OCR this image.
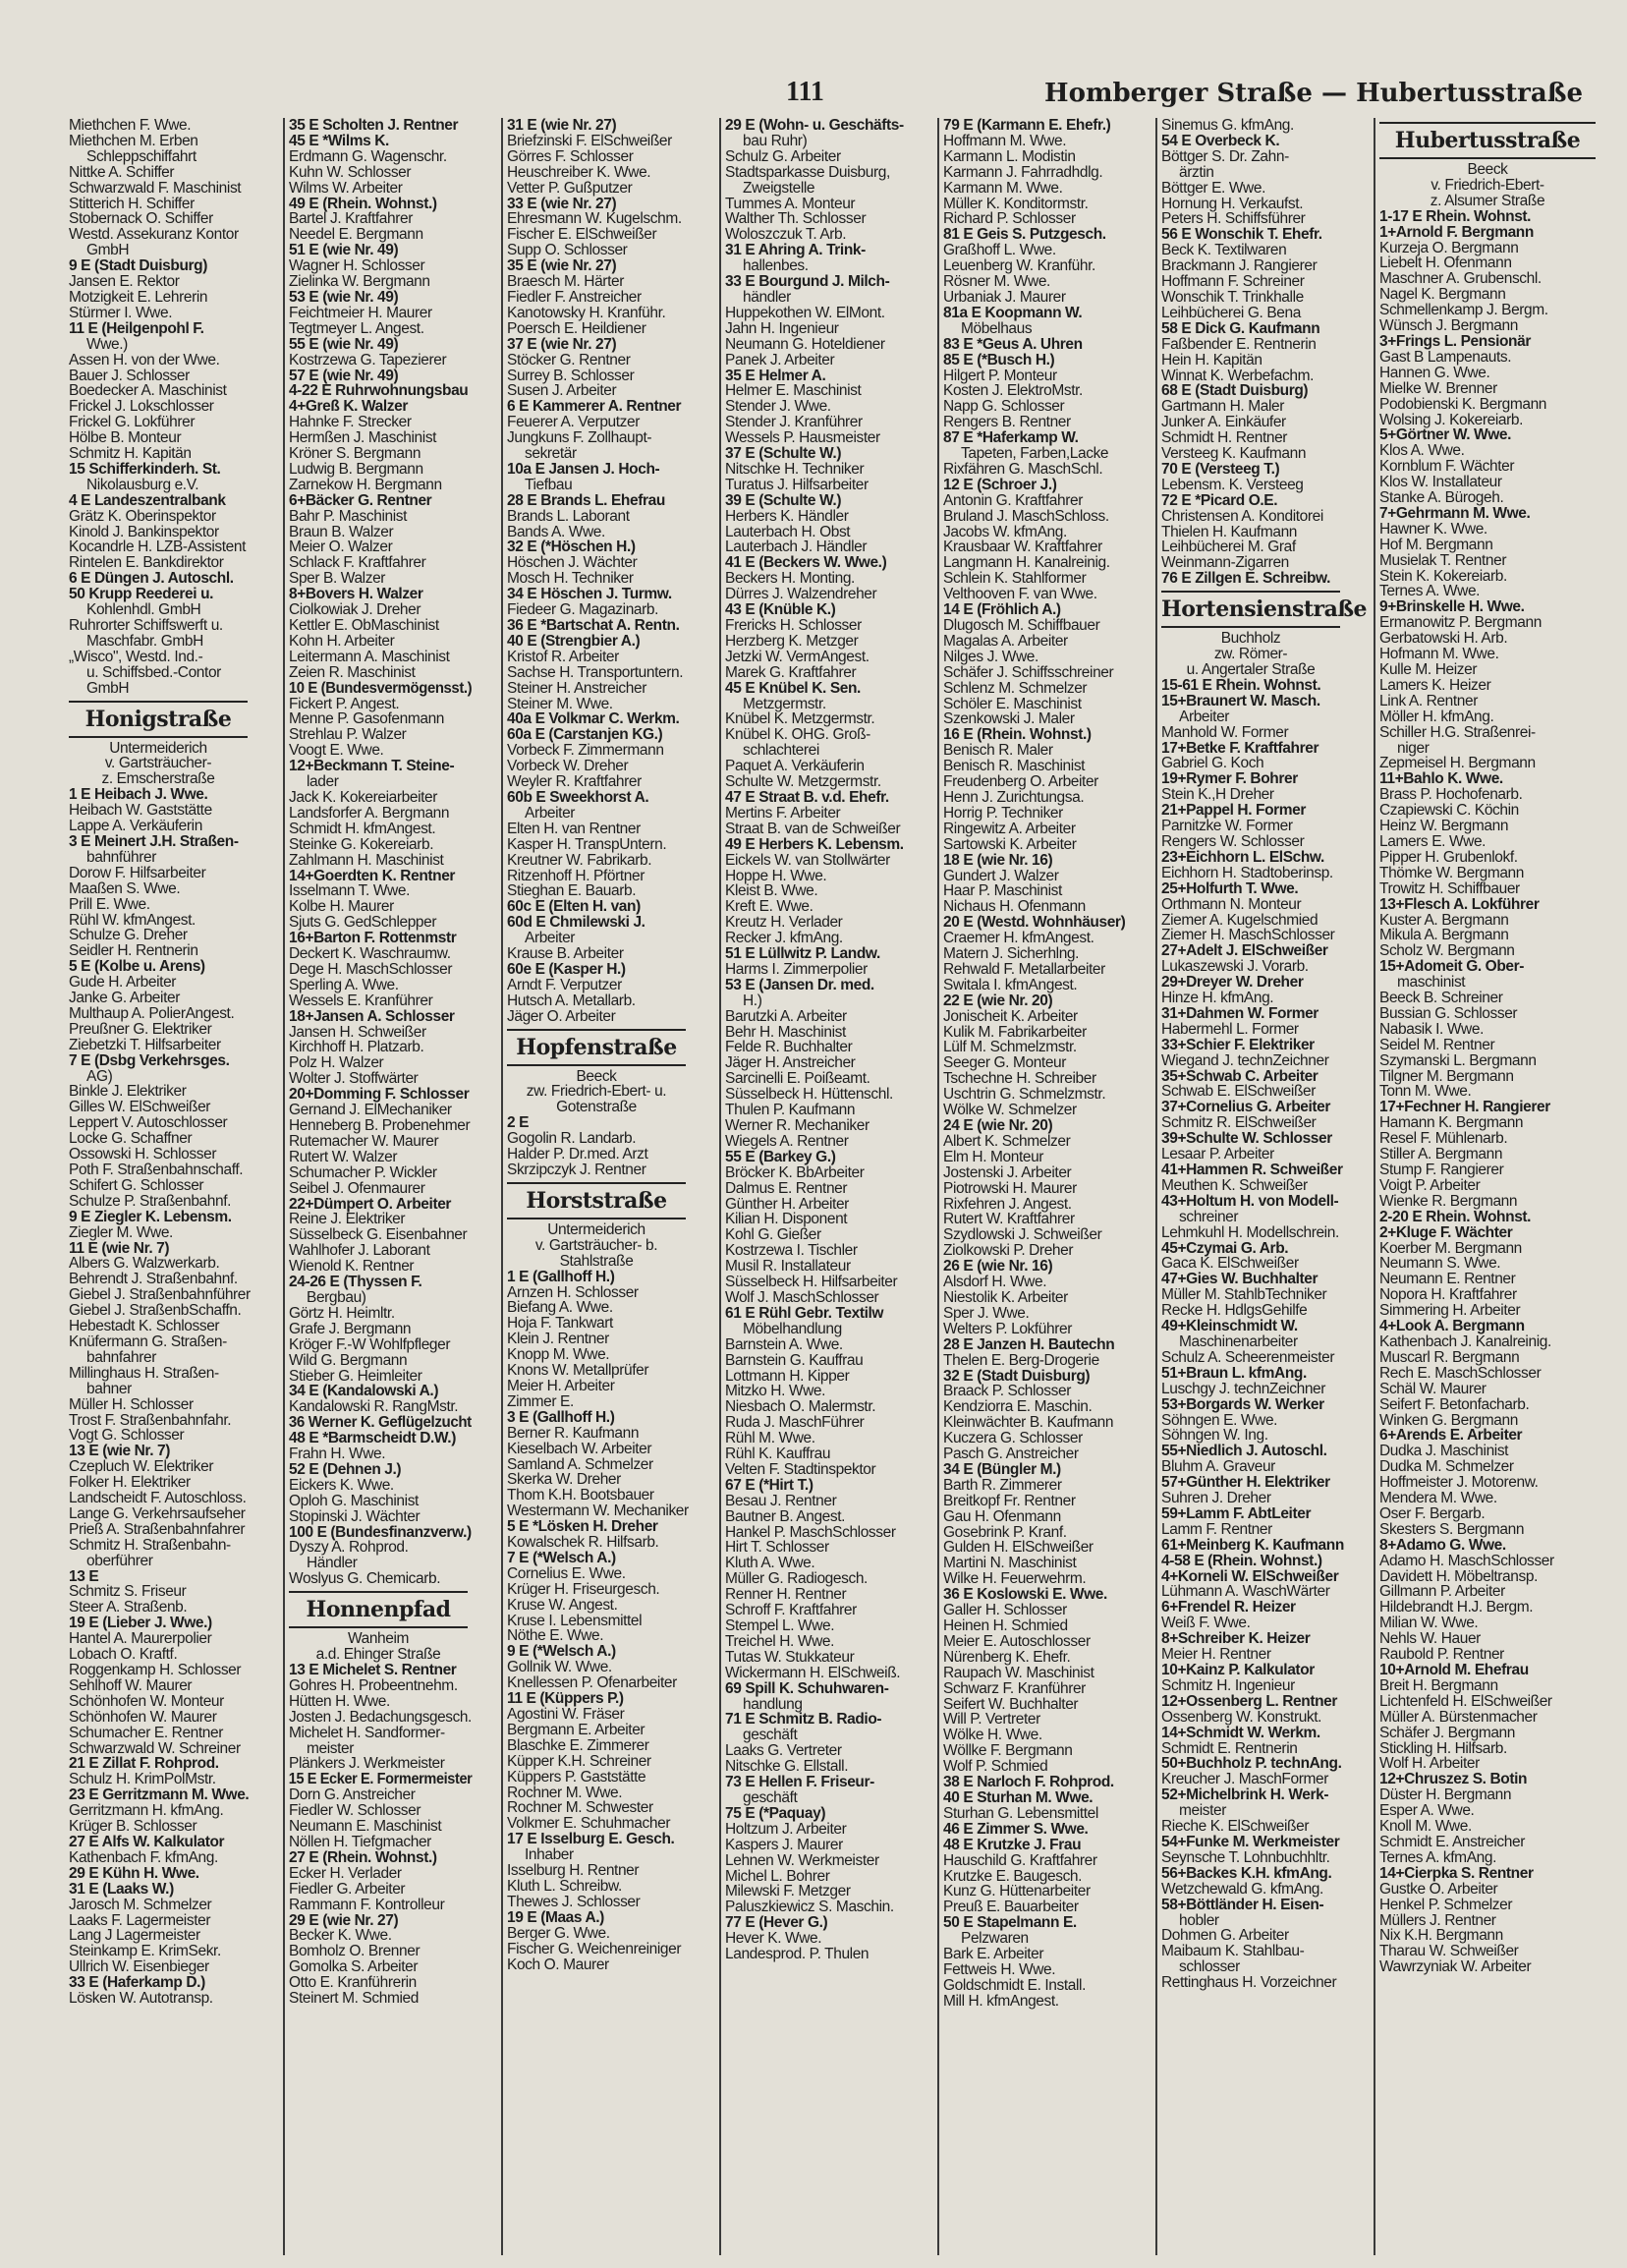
111	Homberger Straße — Hubertusstraße
Miethchen F. Wwe.
Miethchen M. Erben
Schleppschiffahrt
Nittke A. Schiffer
Schwarzwald F. Maschinist
Stitterich H. Schiffer
Stobernack O. Schiffer
Westd. Assekuranz Kontor
GmbH
9 E (Stadt Duisburg)
Jansen E. Rektor
Motzigkeit E. Lehrerin
Stürmer I. Wwe.
11 E (Heilgenpohl F.
Wwe.)
Assen H. von der Wwe.
Bauer J. Schlosser
Boedecker A. Maschinist
Frickel J. Lokschlosser
Frickel G. Lokführer
Hölbe B. Monteur
Schmitz H. Kapitän
15 Schifferkinderh. St.
Nikolausburg e.V.
4 E Landeszentralbank
Grätz K. Oberinspektor
Kinold J. Bankinspektor
Kocandrle H. LZB-Assistent
Rintelen E. Bankdirektor
6 E Düngen J. Autoschl.
50 Krupp Reederei u.
Kohlenhdl. GmbH
Ruhrorter Schiffswerft u.
Maschfabr. GmbH
„Wisco", Westd. Ind.-
u. Schiffsbed.-Contor
GmbH
Honigstraße
Untermeiderich
v. Gartsträucher-
z. Emscherstraße
1 E Heibach J. Wwe.
Heibach W. Gaststätte
Lappe A. Verkäuferin
3 E Meinert J.H. Straßen-
bahnführer
Dorow F. Hilfsarbeiter
Maaßen S. Wwe.
Prill E. Wwe.
Rühl W. kfmAngest.
Schulze G. Dreher
Seidler H. Rentnerin
5 E (Kolbe u. Arens)
Gude H. Arbeiter
Janke G. Arbeiter
Multhaup A. PolierAngest.
Preußner G. Elektriker
Ziebetzki T. Hilfsarbeiter
7 E (Dsbg Verkehrsges.
AG)
Binkle J. Elektriker
Gilles W. ElSchweißer
Leppert V. Autoschlosser
Locke G. Schaffner
Ossowski H. Schlosser
Poth F. Straßenbahnschaff.
Schifert G. Schlosser
Schulze P. Straßenbahnf.
9 E Ziegler K. Lebensm.
Ziegler M. Wwe.
11 E (wie Nr. 7)
Albers G. Walzwerkarb.
Behrendt J. Straßenbahnf.
Giebel J. Straßenbahnführer
Giebel J. StraßenbSchaffn.
Hebestadt K. Schlosser
Knüfermann G. Straßen-
bahnfahrer
Millinghaus H. Straßen-
bahner
Müller H. Schlosser
Trost F. Straßenbahnfahr.
Vogt G. Schlosser
13 E (wie Nr. 7)
Czepluch W. Elektriker
Folker H. Elektriker
Landscheidt F. Autoschloss.
Lange G. Verkehrsaufseher
Prieß A. Straßenbahnfahrer
Schmitz H. Straßenbahn-
oberführer
13 E
Schmitz S. Friseur
Steer A. Straßenb.
19 E (Lieber J. Wwe.)
Hantel A. Maurerpolier
Lobach O. Kraftf.
Roggenkamp H. Schlosser
Sehlhoff W. Maurer
Schönhofen W. Monteur
Schönhofen W. Maurer
Schumacher E. Rentner
Schwarzwald W. Schreiner
21 E Zillat F. Rohprod.
Schulz H. KrimPolMstr.
23 E Gerritzmann M. Wwe.
Gerritzmann H. kfmAng.
Krüger B. Schlosser
27 E Alfs W. Kalkulator
Kathenbach F. kfmAng.
29 E Kühn H. Wwe.
31 E (Laaks W.)
Jarosch M. Schmelzer
Laaks F. Lagermeister
Lang J Lagermeister
Steinkamp E. KrimSekr.
Ullrich W. Eisenbieger
33 E (Haferkamp D.)
Lösken W. Autotransp.
35 E Scholten J. Rentner
45 E *Wilms K.
Erdmann G. Wagenschr.
Kuhn W. Schlosser
Wilms W. Arbeiter
49 E (Rhein. Wohnst.)
Bartel J. Kraftfahrer
Needel E. Bergmann
51 E (wie Nr. 49)
Wagner H. Schlosser
Zielinka W. Bergmann
53 E (wie Nr. 49)
Feichtmeier H. Maurer
Tegtmeyer L. Angest.
55 E (wie Nr. 49)
Kostrzewa G. Tapezierer
57 E (wie Nr. 49)
4-22 E Ruhrwohnungsbau
4+Greß K. Walzer
Hahnke F. Strecker
Hermßen J. Maschinist
Kröner S. Bergmann
Ludwig B. Bergmann
Zarnekow H. Bergmann
6+Bäcker G. Rentner
Bahr P. Maschinist
Braun B. Walzer
Meier O. Walzer
Schlack F. Kraftfahrer
Sper B. Walzer
8+Bovers H. Walzer
Ciolkowiak J. Dreher
Kettler E. ObMaschinist
Kohn H. Arbeiter
Leitermann A. Maschinist
Zeien R. Maschinist
10 E (Bundesvermögensst.)
Fickert P. Angest.
Menne P. Gasofenmann
Strehlau P. Walzer
Voogt E. Wwe.
12+Beckmann T. Steine-
lader
Jack K. Kokereiarbeiter
Landsforfer A. Bergmann
Schmidt H. kfmAngest.
Steinke G. Kokereiarb.
Zahlmann H. Maschinist
14+Goerdten K. Rentner
Isselmann T. Wwe.
Kolbe H. Maurer
Sjuts G. GedSchlepper
16+Barton F. Rottenmstr
Deckert K. Waschraumw.
Dege H. MaschSchlosser
Sperling A. Wwe.
Wessels E. Kranführer
18+Jansen A. Schlosser
Jansen H. Schweißer
Kirchhoff H. Platzarb.
Polz H. Walzer
Wolter J. Stoffwärter
20+Domming F. Schlosser
Gernand J. ElMechaniker
Henneberg B. Probenehmer
Rutemacher W. Maurer
Rutert W. Walzer
Schumacher P. Wickler
Seibel J. Ofenmaurer
22+Dümpert O. Arbeiter
Reine J. Elektriker
Süsselbeck G. Eisenbahner
Wahlhofer J. Laborant
Wienold K. Rentner
24-26 E (Thyssen F.
Bergbau)
Görtz H. Heimltr.
Grafe J. Bergmann
Kröger F.-W Wohlfpfleger
Wild G. Bergmann
Stieber G. Heimleiter
34 E (Kandalowski A.)
Kandalowski R. RangMstr.
36 Werner K. Geflügelzucht
48 E *Barmscheidt D.W.)
Frahn H. Wwe.
52 E (Dehnen J.)
Eickers K. Wwe.
Oploh G. Maschinist
Stopinski J. Wächter
100 E (Bundesfinanzverw.)
Dyszy A. Rohprod.
Händler
Woslyus G. Chemicarb.
Honnenpfad
Wanheim
a.d. Ehinger Straße
13 E Michelet S. Rentner
Gohres H. Probeentnehm.
Hütten H. Wwe.
Josten J. Bedachungsgesch.
Michelet H. Sandformer-
meister
Plänkers J. Werkmeister
15 E Ecker E. Formermeister
Dorn G. Anstreicher
Fiedler W. Schlosser
Neumann E. Maschinist
Nöllen H. Tiefgmacher
27 E (Rhein. Wohnst.)
Ecker H. Verlader
Fiedler G. Arbeiter
Rammann F. Kontrolleur
29 E (wie Nr. 27)
Becker K. Wwe.
Bomholz O. Brenner
Gomolka S. Arbeiter
Otto E. Kranführerin
Steinert M. Schmied
31 E (wie Nr. 27)
Briefzinski F. ElSchweißer
Görres F. Schlosser
Heuschreiber K. Wwe.
Vetter P. Gußputzer
33 E (wie Nr. 27)
Ehresmann W. Kugelschm.
Fischer E. ElSchweißer
Supp O. Schlosser
35 E (wie Nr. 27)
Braesch M. Härter
Fiedler F. Anstreicher
Kanotowsky H. Kranführ.
Poersch E. Heildiener
37 E (wie Nr. 27)
Stöcker G. Rentner
Surrey B. Schlosser
Susen J. Arbeiter
6 E Kammerer A. Rentner
Feuerer A. Verputzer
Jungkuns F. Zollhaupt-
sekretär
10a E Jansen J. Hoch-
Tiefbau
28 E Brands L. Ehefrau
Brands L. Laborant
Bands A. Wwe.
32 E (*Höschen H.)
Höschen J. Wächter
Mosch H. Techniker
34 E Höschen J. Turmw.
Fiedeer G. Magazinarb.
36 E *Bartschat A. Rentn.
40 E (Strengbier A.)
Kristof R. Arbeiter
Sachse H. Transportuntern.
Steiner H. Anstreicher
Steiner M. Wwe.
40a E Volkmar C. Werkm.
60a E (Carstanjen KG.)
Vorbeck F. Zimmermann
Vorbeck W. Dreher
Weyler R. Kraftfahrer
60b E Sweekhorst A.
Arbeiter
Elten H. van Rentner
Kasper H. TranspUntern.
Kreutner W. Fabrikarb.
Ritzenhoff H. Pförtner
Stieghan E. Bauarb.
60c E (Elten H. van)
60d E Chmilewski J.
Arbeiter
Krause B. Arbeiter
60e E (Kasper H.)
Arndt F. Verputzer
Hutsch A. Metallarb.
Jäger O. Arbeiter
Hopfenstraße
Beeck
zw. Friedrich-Ebert- u.
Gotenstraße
2 E
Gogolin R. Landarb.
Halder P. Dr.med. Arzt
Skrzipczyk J. Rentner
Horststraße
Untermeiderich
v. Gartsträucher- b.
Stahlstraße
1 E (Gallhoff H.)
Arnzen H. Schlosser
Biefang A. Wwe.
Hoja F. Tankwart
Klein J. Rentner
Knopp M. Wwe.
Knons W. Metallprüfer
Meier H. Arbeiter
Zimmer E.
3 E (Gallhoff H.)
Berner R. Kaufmann
Kieselbach W. Arbeiter
Samland A. Schmelzer
Skerka W. Dreher
Thom K.H. Bootsbauer
Westermann W. Mechaniker
5 E *Lösken H. Dreher
Kowalschek R. Hilfsarb.
7 E (*Welsch A.)
Cornelius E. Wwe.
Krüger H. Friseurgesch.
Kruse W. Angest.
Kruse I. Lebensmittel
Nöthe E. Wwe.
9 E (*Welsch A.)
Gollnik W. Wwe.
Knellessen P. Ofenarbeiter
11 E (Küppers P.)
Agostini W. Fräser
Bergmann E. Arbeiter
Blaschke E. Zimmerer
Küpper K.H. Schreiner
Küppers P. Gaststätte
Rochner M. Wwe.
Rochner M. Schwester
Volkmer E. Schuhmacher
17 E Isselburg E. Gesch.
Inhaber
Isselburg H. Rentner
Kluth L. Schreibw.
Thewes J. Schlosser
19 E (Maas A.)
Berger G. Wwe.
Fischer G. Weichenreiniger
Koch O. Maurer
29 E (Wohn- u. Geschäfts-
bau Ruhr)
Schulz G. Arbeiter
Stadtsparkasse Duisburg,
Zweigstelle
Tummes A. Monteur
Walther Th. Schlosser
Woloszczuk T. Arb.
31 E Ahring A. Trink-
hallenbes.
33 E Bourgund J. Milch-
händler
Huppekothen W. ElMont.
Jahn H. Ingenieur
Neumann G. Hoteldiener
Panek J. Arbeiter
35 E Helmer A.
Helmer E. Maschinist
Stender J. Wwe.
Stender J. Kranführer
Wessels P. Hausmeister
37 E (Schulte W.)
Nitschke H. Techniker
Turatus J. Hilfsarbeiter
39 E (Schulte W.)
Herbers K. Händler
Lauterbach H. Obst
Lauterbach J. Händler
41 E (Beckers W. Wwe.)
Beckers H. Monting.
Dürres J. Walzendreher
43 E (Knüble K.)
Frericks H. Schlosser
Herzberg K. Metzger
Jetzki W. VermAngest.
Marek G. Kraftfahrer
45 E Knübel K. Sen.
Metzgermstr.
Knübel K. Metzgermstr.
Knübel K. OHG. Groß-
schlachterei
Paquet A. Verkäuferin
Schulte W. Metzgermstr.
47 E Straat B. v.d. Ehefr.
Mertins F. Arbeiter
Straat B. van de Schweißer
49 E Herbers K. Lebensm.
Eickels W. van Stollwärter
Hoppe H. Wwe.
Kleist B. Wwe.
Kreft E. Wwe.
Kreutz H. Verlader
Recker J. kfmAng.
51 E Lüllwitz P. Landw.
Harms I. Zimmerpolier
53 E (Jansen Dr. med.
H.)
Barutzki A. Arbeiter
Behr H. Maschinist
Felde R. Buchhalter
Jäger H. Anstreicher
Sarcinelli E. Poißeamt.
Süsselbeck H. Hüttenschl.
Thulen P. Kaufmann
Werner R. Mechaniker
Wiegels A. Rentner
55 E (Barkey G.)
Bröcker K. BbArbeiter
Dalmus E. Rentner
Günther H. Arbeiter
Kilian H. Disponent
Kohl G. Gießer
Kostrzewa I. Tischler
Musil R. Installateur
Süsselbeck H. Hilfsarbeiter
Wolf J. MaschSchlosser
61 E Rühl Gebr. Textilw
Möbelhandlung
Barnstein A. Wwe.
Barnstein G. Kauffrau
Lottmann H. Kipper
Mitzko H. Wwe.
Niesbach O. Malermstr.
Ruda J. MaschFührer
Rühl M. Wwe.
Rühl K. Kauffrau
Velten F. Stadtinspektor
67 E (*Hirt T.)
Besau J. Rentner
Bautner B. Angest.
Hankel P. MaschSchlosser
Hirt T. Schlosser
Kluth A. Wwe.
Müller G. Radiogesch.
Renner H. Rentner
Schroff F. Kraftfahrer
Stempel L. Wwe.
Treichel H. Wwe.
Tutas W. Stukkateur
Wickermann H. ElSchweiß.
69 Spill K. Schuhwaren-
handlung
71 E Schmitz B. Radio-
geschäft
Laaks G. Vertreter
Nitschke G. Ellstall.
73 E Hellen F. Friseur-
geschäft
75 E (*Paquay)
Holtzum J. Arbeiter
Kaspers J. Maurer
Lehnen W. Werkmeister
Michel L. Bohrer
Milewski F. Metzger
Paluszkiewicz S. Maschin.
77 E (Hever G.)
Hever K. Wwe.
Landesprod. P. Thulen
79 E (Karmann E. Ehefr.)
Hoffmann M. Wwe.
Karmann L. Modistin
Karmann J. Fahrradhdlg.
Karmann M. Wwe.
Müller K. Konditormstr.
Richard P. Schlosser
81 E Geis S. Putzgesch.
Graßhoff L. Wwe.
Leuenberg W. Kranführ.
Rösner M. Wwe.
Urbaniak J. Maurer
81a E Koopmann W.
Möbelhaus
83 E *Geus A. Uhren
85 E (*Busch H.)
Hilgert P. Monteur
Kosten J. ElektroMstr.
Napp G. Schlosser
Rengers B. Rentner
87 E *Haferkamp W.
Tapeten, Farben,Lacke
Rixfähren G. MaschSchl.
12 E (Schroer J.)
Antonin G. Kraftfahrer
Bruland J. MaschSchloss.
Jacobs W. kfmAng.
Krausbaar W. Kraftfahrer
Langmann H. Kanalreinig.
Schlein K. Stahlformer
Velthooven F. van Wwe.
14 E (Fröhlich A.)
Dlugosch M. Schiffbauer
Magalas A. Arbeiter
Nilges J. Wwe.
Schäfer J. Schiffsschreiner
Schlenz M. Schmelzer
Schöler E. Maschinist
Szenkowski J. Maler
16 E (Rhein. Wohnst.)
Benisch R. Maler
Benisch R. Maschinist
Freudenberg O. Arbeiter
Henn J. Zurichtungsa.
Horrig P. Techniker
Ringewitz A. Arbeiter
Sartowski K. Arbeiter
18 E (wie Nr. 16)
Gundert J. Walzer
Haar P. Maschinist
Nichaus H. Ofenmann
20 E (Westd. Wohnhäuser)
Craemer H. kfmAngest.
Matern J. Sicherhlng.
Rehwald F. Metallarbeiter
Switala I. kfmAngest.
22 E (wie Nr. 20)
Jonischeit K. Arbeiter
Kulik M. Fabrikarbeiter
Lülf M. Schmelzmstr.
Seeger G. Monteur
Tschechne H. Schreiber
Uschtrin G. Schmelzmstr.
Wölke W. Schmelzer
24 E (wie Nr. 20)
Albert K. Schmelzer
Elm H. Monteur
Jostenski J. Arbeiter
Piotrowski H. Maurer
Rixfehren J. Angest.
Rutert W. Kraftfahrer
Szydlowski J. Schweißer
Ziolkowski P. Dreher
26 E (wie Nr. 16)
Alsdorf H. Wwe.
Niestolik K. Arbeiter
Sper J. Wwe.
Welters P. Lokführer
28 E Janzen H. Bautechn
Thelen E. Berg-Drogerie
32 E (Stadt Duisburg)
Braack P. Schlosser
Kendziorra E. Maschin.
Kleinwächter B. Kaufmann
Kuczera G. Schlosser
Pasch G. Anstreicher
34 E (Büngler M.)
Barth R. Zimmerer
Breitkopf Fr. Rentner
Gau H. Ofenmann
Gosebrink P. Kranf.
Gulden H. ElSchweißer
Martini N. Maschinist
Wilke H. Feuerwehrm.
36 E Koslowski E. Wwe.
Galler H. Schlosser
Heinen H. Schmied
Meier E. Autoschlosser
Nürenberg K. Ehefr.
Raupach W. Maschinist
Schwarz F. Kranführer
Seifert W. Buchhalter
Will P. Vertreter
Wölke H. Wwe.
Wöllke F. Bergmann
Wolf P. Schmied
38 E Narloch F. Rohprod.
40 E Sturhan M. Wwe.
Sturhan G. Lebensmittel
46 E Zimmer S. Wwe.
48 E Krutzke J. Frau
Hauschild G. Kraftfahrer
Krutzke E. Baugesch.
Kunz G. Hüttenarbeiter
Preuß E. Bauarbeiter
50 E Stapelmann E.
Pelzwaren
Bark E. Arbeiter
Fettweis H. Wwe.
Goldschmidt E. Install.
Mill H. kfmAngest.
Sinemus G. kfmAng.
54 E Overbeck K.
Böttger S. Dr. Zahn-
ärztin
Böttger E. Wwe.
Hornung H. Verkaufst.
Peters H. Schiffsführer
56 E Wonschik T. Ehefr.
Beck K. Textilwaren
Brackmann J. Rangierer
Hoffmann F. Schreiner
Wonschik T. Trinkhalle
Leihbücherei G. Bena
58 E Dick G. Kaufmann
Faßbender E. Rentnerin
Hein H. Kapitän
Winnat K. Werbefachm.
68 E (Stadt Duisburg)
Gartmann H. Maler
Junker A. Einkäufer
Schmidt H. Rentner
Versteeg K. Kaufmann
70 E (Versteeg T.)
Lebensm. K. Versteeg
72 E *Picard O.E.
Christensen A. Konditorei
Thielen H. Kaufmann
Leihbücherei M. Graf
Weinmann-Zigarren
76 E Zillgen E. Schreibw.
Hortensienstraße
Buchholz
zw. Römer-
u. Angertaler Straße
15-61 E Rhein. Wohnst.
15+Braunert W. Masch.
Arbeiter
Manhold W. Former
17+Betke F. Kraftfahrer
Gabriel G. Koch
19+Rymer F. Bohrer
Stein K.,H Dreher
21+Pappel H. Former
Parnitzke W. Former
Rengers W. Schlosser
23+Eichhorn L. ElSchw.
Eichhorn H. Stadtoberinsp.
25+Holfurth T. Wwe.
Orthmann N. Monteur
Ziemer A. Kugelschmied
Ziemer H. MaschSchlosser
27+Adelt J. ElSchweißer
Lukaszewski J. Vorarb.
29+Dreyer W. Dreher
Hinze H. kfmAng.
31+Dahmen W. Former
Habermehl L. Former
33+Schier F. Elektriker
Wiegand J. technZeichner
35+Schwab C. Arbeiter
Schwab E. ElSchweißer
37+Cornelius G. Arbeiter
Schmitz R. ElSchweißer
39+Schulte W. Schlosser
Lesaar P. Arbeiter
41+Hammen R. Schweißer
Meuthen K. Schweißer
43+Holtum H. von Modell-
schreiner
Lehmkuhl H. Modellschrein.
45+Czymai G. Arb.
Gaca K. ElSchweißer
47+Gies W. Buchhalter
Müller M. StahlbTechniker
Recke H. HdlgsGehilfe
49+Kleinschmidt W.
Maschinenarbeiter
Schulz A. Scheerenmeister
51+Braun L. kfmAng.
Luschgy J. technZeichner
53+Borgards W. Werker
Söhngen E. Wwe.
Söhngen W. Ing.
55+Niedlich J. Autoschl.
Bluhm A. Graveur
57+Günther H. Elektriker
Suhren J. Dreher
59+Lamm F. AbtLeiter
Lamm F. Rentner
61+Meinberg K. Kaufmann
4-58 E (Rhein. Wohnst.)
4+Korneli W. ElSchweißer
Lühmann A. WaschWärter
6+Frendel R. Heizer
Weiß F. Wwe.
8+Schreiber K. Heizer
Meier H. Rentner
10+Kainz P. Kalkulator
Schmitz H. Ingenieur
12+Ossenberg L. Rentner
Ossenberg W. Konstrukt.
14+Schmidt W. Werkm.
Schmidt E. Rentnerin
50+Buchholz P. technAng.
Kreucher J. MaschFormer
52+Michelbrink H. Werk-
meister
Rieche K. ElSchweißer
54+Funke M. Werkmeister
Seynsche T. Lohnbuchhltr.
56+Backes K.H. kfmAng.
Wetzchewald G. kfmAng.
58+Böttländer H. Eisen-
hobler
Dohmen G. Arbeiter
Maibaum K. Stahlbau-
schlosser
Rettinghaus H. Vorzeichner
Hubertusstraße
Beeck
v. Friedrich-Ebert-
z. Alsumer Straße
1-17 E Rhein. Wohnst.
1+Arnold F. Bergmann
Kurzeja O. Bergmann
Liebelt H. Ofenmann
Maschner A. Grubenschl.
Nagel K. Bergmann
Schmellenkamp J. Bergm.
Wünsch J. Bergmann
3+Frings L. Pensionär
Gast B Lampenauts.
Hannen G. Wwe.
Mielke W. Brenner
Podobienski K. Bergmann
Wolsing J. Kokereiarb.
5+Görtner W. Wwe.
Klos A. Wwe.
Kornblum F. Wächter
Klos W. Installateur
Stanke A. Bürogeh.
7+Gehrmann M. Wwe.
Hawner K. Wwe.
Hof M. Bergmann
Musielak T. Rentner
Stein K. Kokereiarb.
Ternes A. Wwe.
9+Brinskelle H. Wwe.
Ermanowitz P. Bergmann
Gerbatowski H. Arb.
Hofmann M. Wwe.
Kulle M. Heizer
Lamers K. Heizer
Link A. Rentner
Möller H. kfmAng.
Schiller H.G. Straßenrei-
niger
Zepmeisel H. Bergmann
11+Bahlo K. Wwe.
Brass P. Hochofenarb.
Czapiewski C. Köchin
Heinz W. Bergmann
Lamers E. Wwe.
Pipper H. Grubenlokf.
Thömke W. Bergmann
Trowitz H. Schiffbauer
13+Flesch A. Lokführer
Kuster A. Bergmann
Mikula A. Bergmann
Scholz W. Bergmann
15+Adomeit G. Ober-
maschinist
Beeck B. Schreiner
Bussian G. Schlosser
Nabasik I. Wwe.
Seidel M. Rentner
Szymanski L. Bergmann
Tilgner M. Bergmann
Tonn M. Wwe.
17+Fechner H. Rangierer
Hamann K. Bergmann
Resel F. Mühlenarb.
Stiller A. Bergmann
Stump F. Rangierer
Voigt P. Arbeiter
Wienke R. Bergmann
2-20 E Rhein. Wohnst.
2+Kluge F. Wächter
Koerber M. Bergmann
Neumann S. Wwe.
Neumann E. Rentner
Nopora H. Kraftfahrer
Simmering H. Arbeiter
4+Look A. Bergmann
Kathenbach J. Kanalreinig.
Muscarl R. Bergmann
Rech E. MaschSchlosser
Schäl W. Maurer
Seifert F. Betonfacharb.
Winken G. Bergmann
6+Arends E. Arbeiter
Dudka J. Maschinist
Dudka M. Schmelzer
Hoffmeister J. Motorenw.
Mendera M. Wwe.
Oser F. Bergarb.
Skesters S. Bergmann
8+Adamo G. Wwe.
Adamo H. MaschSchlosser
Davidett H. Möbeltransp.
Gillmann P. Arbeiter
Hildebrandt H.J. Bergm.
Milian W. Wwe.
Nehls W. Hauer
Raubold P. Rentner
10+Arnold M. Ehefrau
Breit H. Bergmann
Lichtenfeld H. ElSchweißer
Müller A. Bürstenmacher
Schäfer J. Bergmann
Stickling H. Hilfsarb.
Wolf H. Arbeiter
12+Chruszez S. Botin
Düster H. Bergmann
Esper A. Wwe.
Knoll M. Wwe.
Schmidt E. Anstreicher
Ternes A. kfmAng.
14+Cierpka S. Rentner
Gustke O. Arbeiter
Henkel P. Schmelzer
Müllers J. Rentner
Nix K.H. Bergmann
Tharau W. Schweißer
Wawrzyniak W. Arbeiter
